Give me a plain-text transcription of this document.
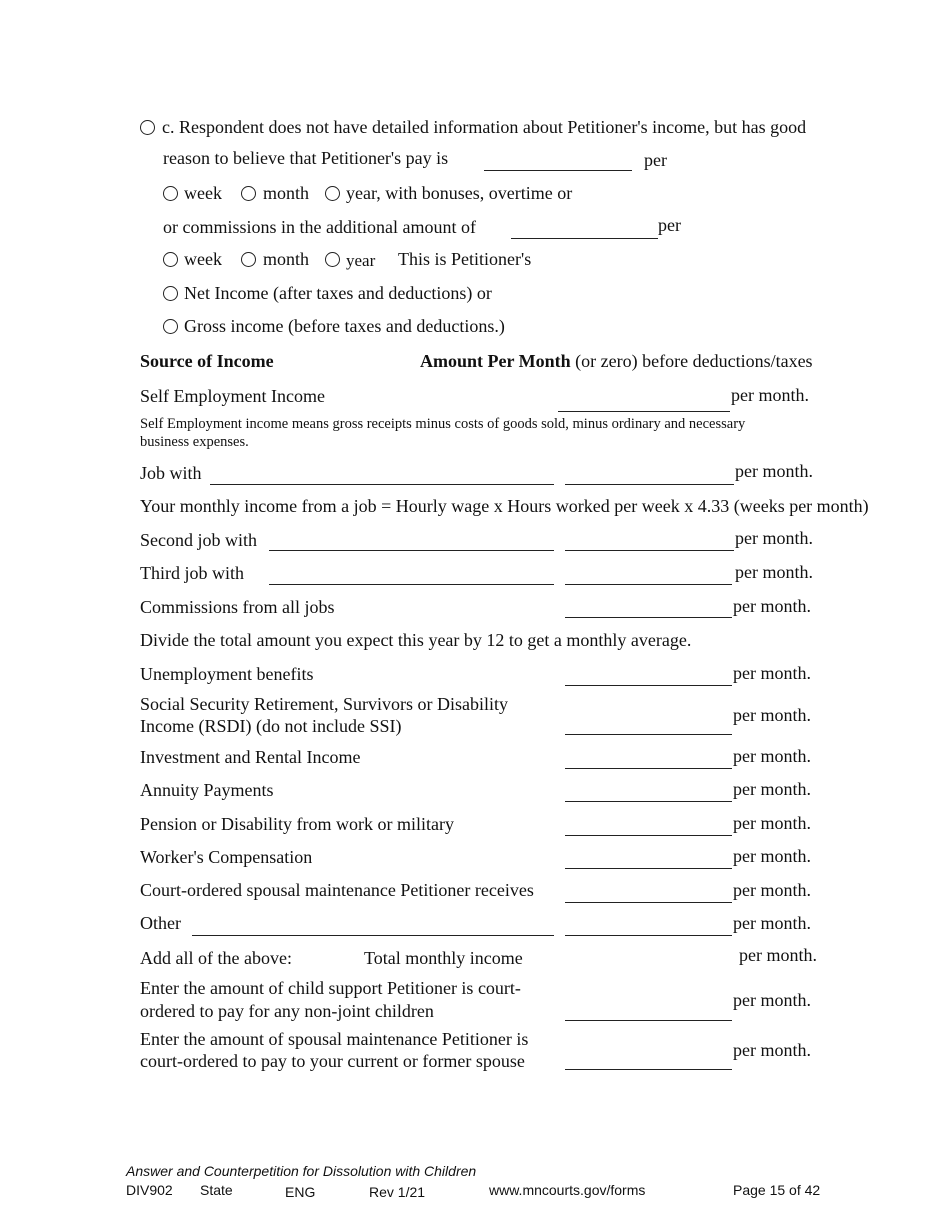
c. Respondent does not have detailed information about Petitioner's income, but has good
reason to believe that Petitioner's pay is	per
week month year, with bonuses, overtime or
or commissions in the additional amount of	per
week month year This is Petitioner's
Net Income (after taxes and deductions) or
Gross income (before taxes and deductions.)
Source of Income	Amount Per Month (or zero) before deductions/taxes
Self Employment Income	per month.
Self Employment income means gross receipts minus costs of goods sold, minus ordinary and necessary
business expenses.
Job with	per month.
Your monthly income from a job = Hourly wage x Hours worked per week x 4.33 (weeks per month)
Second job with	per month.
Third job with	per month.
Commissions from all jobs	per month.
Divide the total amount you expect this year by 12 to get a monthly average.
Unemployment benefits	per month.
Social Security Retirement, Survivors or Disability
Income (RSDI) (do not include SSI)
per month.
Investment and Rental Income	per month.
Annuity Payments	per month.
Pension or Disability from work or military	per month.
Worker's Compensation	per month.
Court-ordered spousal maintenance Petitioner receives	per month.
Other	per month.
Add all of the above:	Total monthly income	per month.
Enter the amount of child support Petitioner is court-
ordered to pay for any non-joint children
per month.
Enter the amount of spousal maintenance Petitioner is
court-ordered to pay to your current or former spouse
per month.
Answer and Counterpetition for Dissolution with Children
DIV902 State	ENG	Rev 1/21	www.mncourts.gov/forms	Page 15 of 42
